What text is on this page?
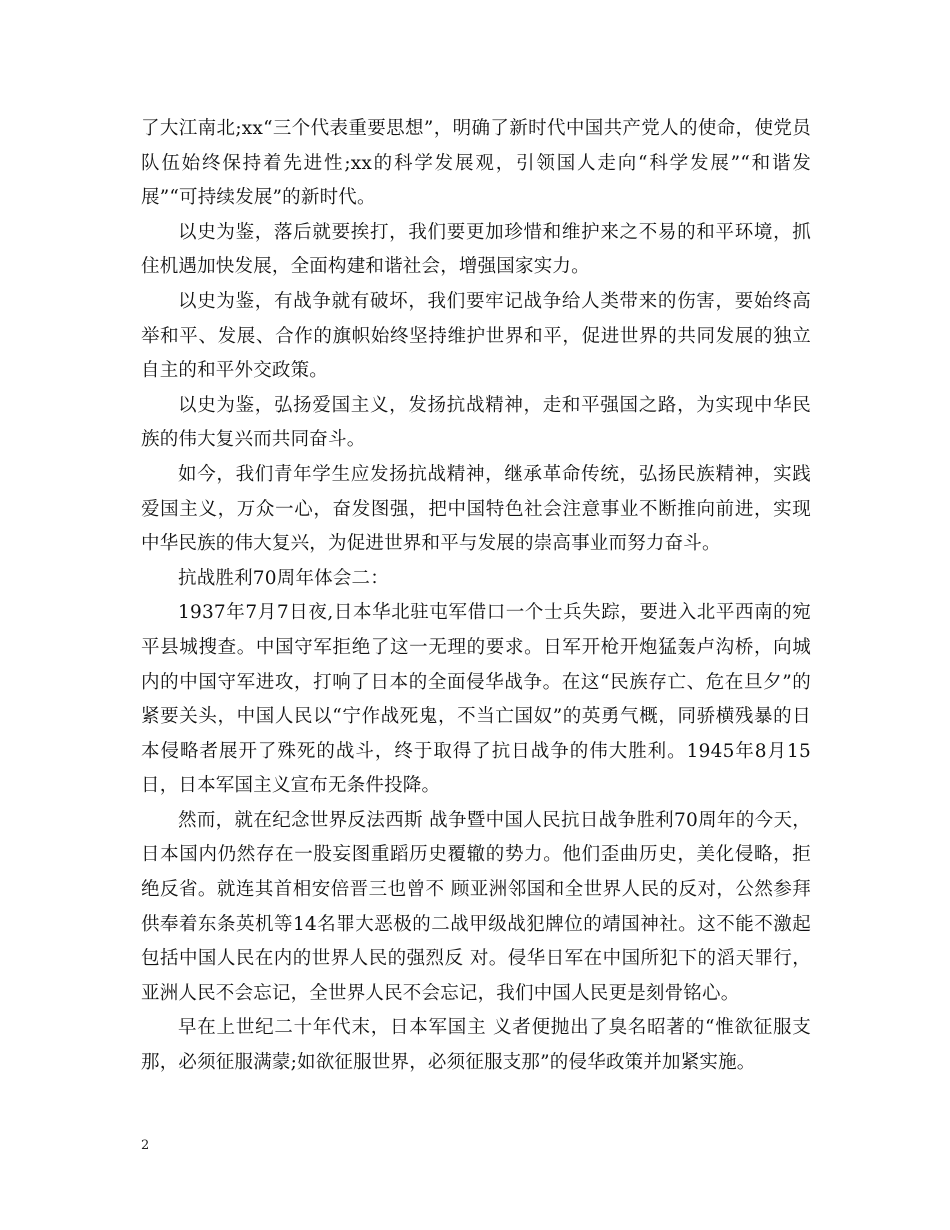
了大江南北;xx“三个代表重要思想”，明确了新时代中国共产党人的使命，使党员队伍始终保持着先进性;xx的科学发展观，引领国人走向“科学发展”“和谐发展”“可持续发展”的新时代。

以史为鉴，落后就要挨打，我们要更加珍惜和维护来之不易的和平环境，抓住机遇加快发展，全面构建和谐社会，增强国家实力。

以史为鉴，有战争就有破坏，我们要牢记战争给人类带来的伤害，要始终高举和平、发展、合作的旗帜始终坚持维护世界和平，促进世界的共同发展的独立自主的和平外交政策。

以史为鉴，弘扬爱国主义，发扬抗战精神，走和平强国之路，为实现中华民族的伟大复兴而共同奋斗。

如今，我们青年学生应发扬抗战精神，继承革命传统，弘扬民族精神，实践爱国主义，万众一心，奋发图强，把中国特色社会注意事业不断推向前进，实现中华民族的伟大复兴，为促进世界和平与发展的崇高事业而努力奋斗。

抗战胜利70周年体会二：

1937年7月7日夜,日本华北驻屯军借口一个士兵失踪，要进入北平西南的宛平县城搜查。中国守军拒绝了这一无理的要求。日军开枪开炮猛轰卢沟桥，向城内的中国守军进攻，打响了日本的全面侵华战争。在这“民族存亡、危在旦夕”的紧要关头，中国人民以“宁作战死鬼，不当亡国奴”的英勇气概，同骄横残暴的日本侵略者展开了殊死的战斗，终于取得了抗日战争的伟大胜利。1945年8月15日，日本军国主义宣布无条件投降。

然而，就在纪念世界反法西斯 战争暨中国人民抗日战争胜利70周年的今天，日本国内仍然存在一股妄图重蹈历史覆辙的势力。他们歪曲历史，美化侵略，拒绝反省。就连其首相安倍晋三也曾不 顾亚洲邻国和全世界人民的反对，公然参拜供奉着东条英机等14名罪大恶极的二战甲级战犯牌位的靖国神社。这不能不激起包括中国人民在内的世界人民的强烈反 对。侵华日军在中国所犯下的滔天罪行，亚洲人民不会忘记，全世界人民不会忘记，我们中国人民更是刻骨铭心。

早在上世纪二十年代末，日本军国主 义者便抛出了臭名昭著的“惟欲征服支那，必须征服满蒙;如欲征服世界，必须征服支那”的侵华政策并加紧实施。

2
